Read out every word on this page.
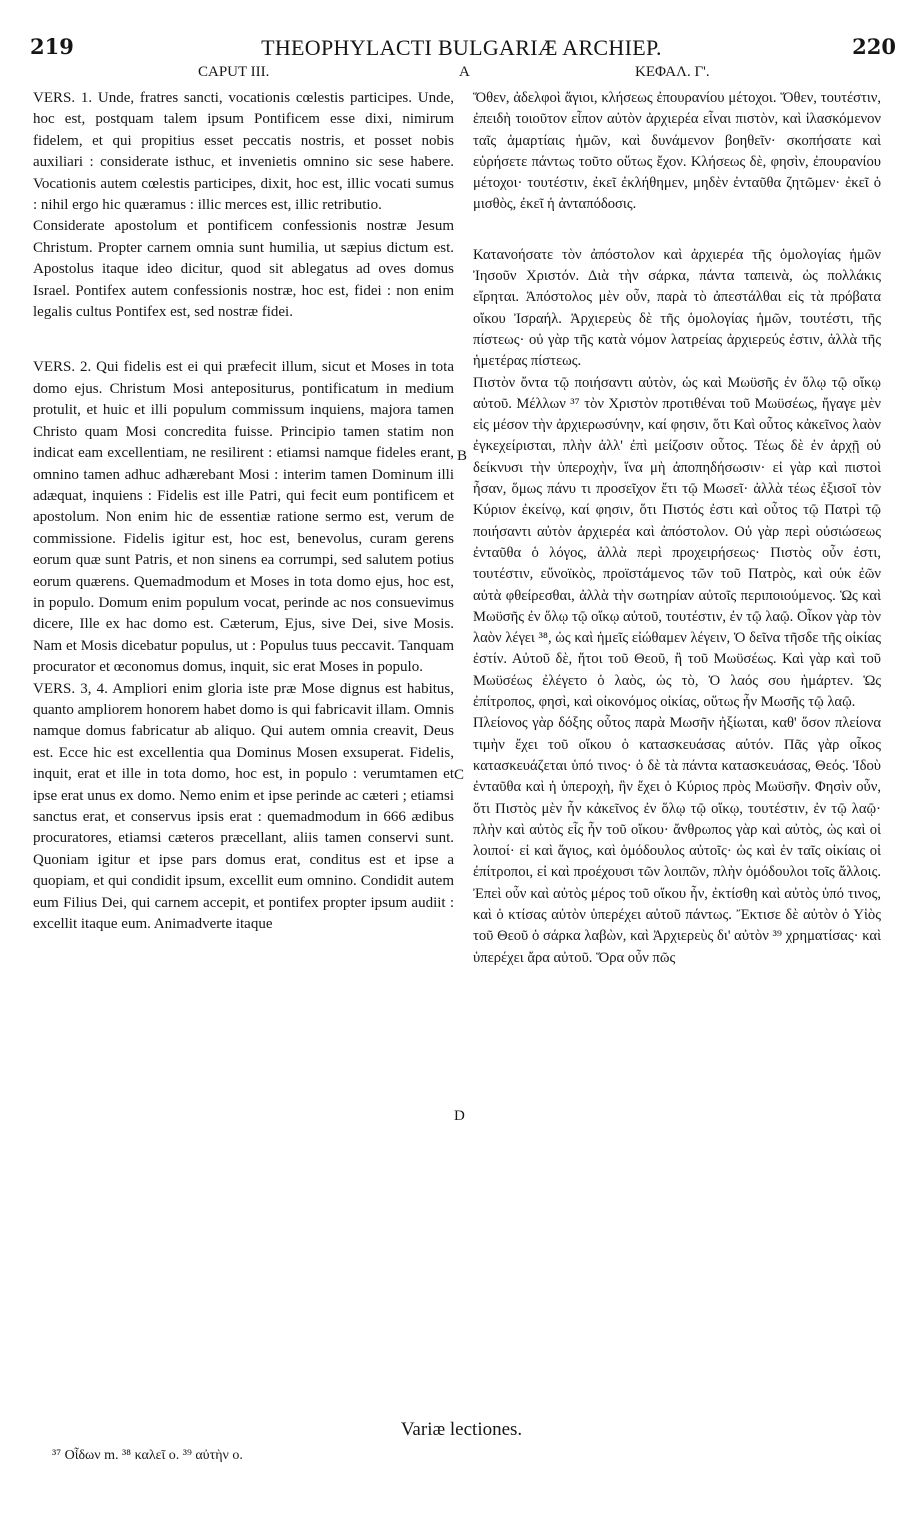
219	THEOPHYLACTI BULGARIÆ ARCHIEP.	220
CAPUT III.	A	ΚΕΦΑΛ. Γ'.

VERS. 1. Unde, fratres sancti, vocationis cœlestis participes. Unde, hoc est, postquam talem ipsum Pontificem esse dixi, nimirum fidelem, et qui propitius esset peccatis nostris, et posset nobis auxiliari : considerate isthuc, et invenietis omnino sic sese habere. Vocationis autem cœlestis participes, dixit, hoc est, illic vocati sumus : nihil ergo hic quæramus : illic merces est, illic retributio.

Considerate apostolum et pontificem confessionis nostræ Jesum Christum. Propter carnem omnia sunt humilia, ut sæpius dictum est. Apostolus itaque ideo dicitur, quod sit ablegatus ad oves domus Israel. Pontifex autem confessionis nostræ, hoc est, fidei : non enim legalis cultus Pontifex est, sed nostræ fidei.

VERS. 2. Qui fidelis est ei qui præfecit illum, sicut et Moses in tota domo ejus. Christum Mosi antepositurus, pontificatum in medium protulit, et huic et illi populum commissum inquiens, majora tamen Christo quam Mosi concredita fuisse. Principio tamen statim non indicat eam excellentiam, ne resilirent : etiamsi namque fideles erant, omnino tamen adhuc adhærebant Mosi : interim tamen Dominum illi adæquat, inquiens : Fidelis est ille Patri, qui fecit eum pontificem et apostolum. Non enim hic de essentiæ ratione sermo est, verum de commissione. Fidelis igitur est, hoc est, benevolus, curam gerens eorum quæ sunt Patris, et non sinens ea corrumpi, sed salutem potius eorum quærens. Quemadmodum et Moses in tota domo ejus, hoc est, in populo. Domum enim populum vocat, perinde ac nos consuevimus dicere, Ille ex hac domo est. Cæterum, Ejus, sive Dei, sive Mosis. Nam et Mosis dicebatur populus, ut : Populus tuus peccavit. Tanquam procurator et œconomus domus, inquit, sic erat Moses in populo.

VERS. 3, 4. Ampliori enim gloria iste præ Mose dignus est habitus, quanto ampliorem honorem habet domo is qui fabricavit illam. Omnis namque domus fabricatur ab aliquo. Qui autem omnia creavit, Deus est. Ecce hic est excellentia qua Dominus Mosen exsuperat. Fidelis, inquit, erat et ille in tota domo, hoc est, in populo : verumtamen et ipse erat unus ex domo. Nemo enim et ipse perinde ac cæteri ; etiamsi sanctus erat, et conservus ipsis erat : quemadmodum in 666 ædibus procuratores, etiamsi cæteros præcellant, aliis tamen conservi sunt. Quoniam igitur et ipse pars domus erat, conditus est et ipse a quopiam, et qui condidit ipsum, excellit eum omnino. Condidit autem eum Filius Dei, qui carnem accepit, et pontifex propter ipsum audiit : excellit itaque eum. Animadverte itaque

B
C
D

Ὅθεν, ἀδελφοὶ ἅγιοι, κλήσεως ἐπουρανίου μέτοχοι. Ὅθεν, τουτέστιν, ἐπειδὴ τοιοῦτον εἶπον αὐτὸν ἀρχιερέα εἶναι πιστὸν, καὶ ἱλασκόμενον ταῖς ἁμαρτίαις ἡμῶν, καὶ δυνάμενον βοηθεῖν· σκοπήσατε καὶ εὑρήσετε πάντως τοῦτο οὕτως ἔχον. Κλήσεως δὲ, φησὶν, ἐπουρανίου μέτοχοι· τουτέστιν, ἐκεῖ ἐκλήθημεν, μηδὲν ἐνταῦθα ζητῶμεν· ἐκεῖ ὁ μισθὸς, ἐκεῖ ἡ ἀνταπόδοσις.

Κατανοήσατε τὸν ἀπόστολον καὶ ἀρχιερέα τῆς ὁμολογίας ἡμῶν Ἰησοῦν Χριστόν. Διὰ τὴν σάρκα, πάντα ταπεινὰ, ὡς πολλάκις εἴρηται. Ἀπόστολος μὲν οὖν, παρὰ τὸ ἀπεστάλθαι εἰς τὰ πρόβατα οἴκου Ἰσραήλ. Ἀρχιερεὺς δὲ τῆς ὁμολογίας ἡμῶν, τουτέστι, τῆς πίστεως· οὐ γὰρ τῆς κατὰ νόμον λατρείας ἀρχιερεύς ἐστιν, ἀλλὰ τῆς ἡμετέρας πίστεως.

Πιστὸν ὄντα τῷ ποιήσαντι αὐτὸν, ὡς καὶ Μωϋσῆς ἐν ὅλῳ τῷ οἴκῳ αὐτοῦ. Μέλλων ³⁷ τὸν Χριστὸν προτιθέναι τοῦ Μωϋσέως, ἤγαγε μὲν εἰς μέσον τὴν ἀρχιερωσύνην, καί φησιν, ὅτι Καὶ οὗτος κἀκεῖνος λαὸν ἐγκεχείρισται, πλὴν ἀλλ' ἐπὶ μείζοσιν οὗτος. Τέως δὲ ἐν ἀρχῇ οὐ δείκνυσι τὴν ὑπεροχὴν, ἵνα μὴ ἀποπηδήσωσιν· εἰ γὰρ καὶ πιστοὶ ἦσαν, ὅμως πάνυ τι προσεῖχον ἔτι τῷ Μωσεῖ· ἀλλὰ τέως ἐξισοῖ τὸν Κύριον ἐκείνῳ, καί φησιν, ὅτι Πιστός ἐστι καὶ οὗτος τῷ Πατρὶ τῷ ποιήσαντι αὐτὸν ἀρχιερέα καὶ ἀπόστολον. Οὐ γὰρ περὶ οὐσιώσεως ἐνταῦθα ὁ λόγος, ἀλλὰ περὶ προχειρήσεως· Πιστὸς οὖν ἐστι, τουτέστιν, εὔνοϊκὸς, προϊστάμενος τῶν τοῦ Πατρὸς, καὶ οὐκ ἐῶν αὐτὰ φθείρεσθαι, ἀλλὰ τὴν σωτηρίαν αὐτοῖς περιποιούμενος. Ὡς καὶ Μωϋσῆς ἐν ὅλῳ τῷ οἴκῳ αὐτοῦ, τουτέστιν, ἐν τῷ λαῷ. Οἶκον γὰρ τὸν λαὸν λέγει ³⁸, ὡς καὶ ἡμεῖς εἰώθαμεν λέγειν, Ὁ δεῖνα τῆσδε τῆς οἰκίας ἐστίν. Αὐτοῦ δὲ, ἤτοι τοῦ Θεοῦ, ἢ τοῦ Μωϋσέως. Καὶ γὰρ καὶ τοῦ Μωϋσέως ἐλέγετο ὁ λαὸς, ὡς τὸ, Ὁ λαός σου ἡμάρτεν. Ὡς ἐπίτροπος, φησὶ, καὶ οἰκονόμος οἰκίας, οὕτως ἦν Μωσῆς τῷ λαῷ.

Πλείονος γὰρ δόξης οὗτος παρὰ Μωσῆν ἠξίωται, καθ' ὅσον πλείονα τιμὴν ἔχει τοῦ οἴκου ὁ κατασκευάσας αὐτόν. Πᾶς γὰρ οἶκος κατασκευάζεται ὑπό τινος· ὁ δὲ τὰ πάντα κατασκευάσας, Θεός. Ἰδοὺ ἐνταῦθα καὶ ἡ ὑπεροχὴ, ἣν ἔχει ὁ Κύριος πρὸς Μωϋσῆν. Φησὶν οὖν, ὅτι Πιστὸς μὲν ἦν κἀκεῖνος ἐν ὅλῳ τῷ οἴκῳ, τουτέστιν, ἐν τῷ λαῷ· πλὴν καὶ αὐτὸς εἷς ἦν τοῦ οἴκου· ἄνθρωπος γὰρ καὶ αὐτὸς, ὡς καὶ οἱ λοιποί· εἰ καὶ ἅγιος, καὶ ὁμόδουλος αὐτοῖς· ὡς καὶ ἐν ταῖς οἰκίαις οἱ ἐπίτροποι, εἰ καὶ προέχουσι τῶν λοιπῶν, πλὴν ὁμόδουλοι τοῖς ἄλλοις. Ἐπεὶ οὖν καὶ αὐτὸς μέρος τοῦ οἴκου ἦν, ἐκτίσθη καὶ αὐτὸς ὑπό τινος, καὶ ὁ κτίσας αὐτὸν ὑπερέχει αὐτοῦ πάντως. Ἔκτισε δὲ αὐτὸν ὁ Υἱὸς τοῦ Θεοῦ ὁ σάρκα λαβὼν, καὶ Ἀρχιερεὺς δι' αὐτὸν ³⁹ χρηματίσας· καὶ ὑπερέχει ἄρα αὐτοῦ. Ὅρα οὖν πῶς

Variæ lectiones.
³⁷ Οἶδων m. ³⁸ καλεῖ o. ³⁹ αὐτὴν o.
